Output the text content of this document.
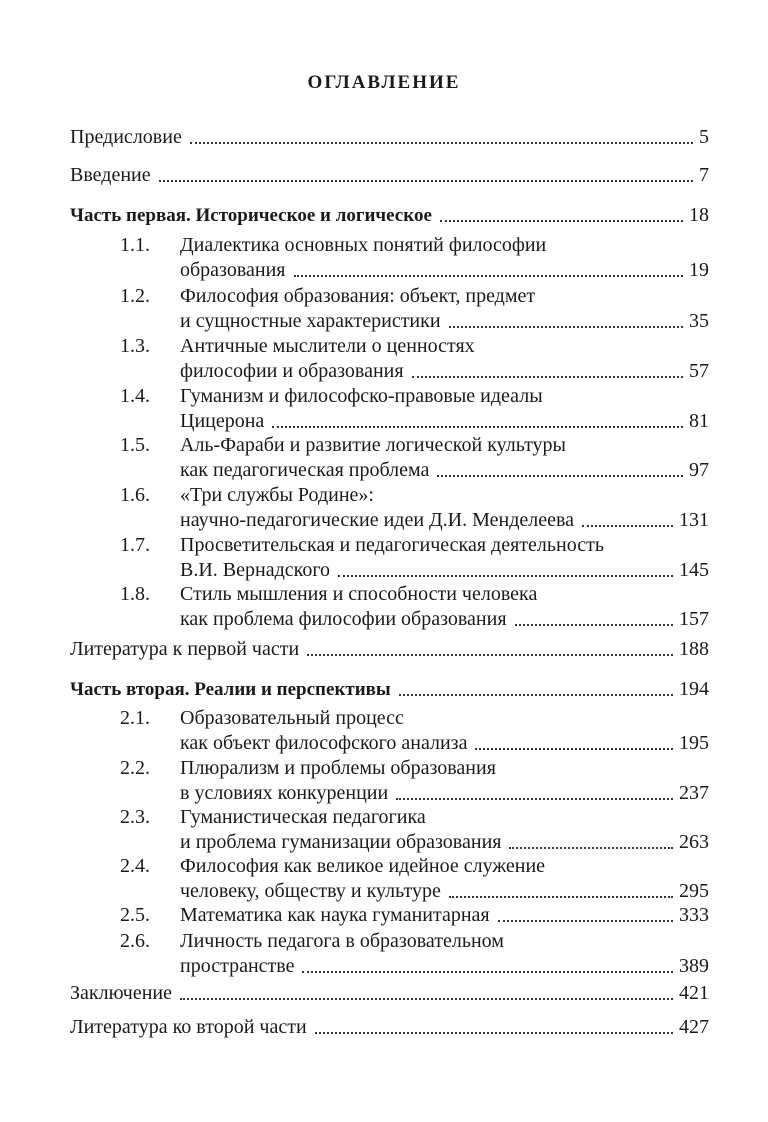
ОГЛАВЛЕНИЕ
Предисловие	5
Введение	7
Часть первая. Историческое и логическое	18
1.1. Диалектика основных понятий философии
образования	19
1.2. Философия образования: объект, предмет
и сущностные характеристики	35
1.3. Античные мыслители о ценностях
философии и образования	57
1.4. Гуманизм и философско-правовые идеалы
Цицерона	81
1.5. Аль-Фараби и развитие логической культуры
как педагогическая проблема	97
1.6. «Три службы Родине»:
научно-педагогические идеи Д.И. Менделеева	131
1.7. Просветительская и педагогическая деятельность
В.И. Вернадского	145
1.8. Стиль мышления и способности человека
как проблема философии образования	157
Литература к первой части	188
Часть вторая. Реалии и перспективы	194
2.1. Образовательный процесс
как объект философского анализа	195
2.2. Плюрализм и проблемы образования
в условиях конкуренции	237
2.3. Гуманистическая педагогика
и проблема гуманизации образования	263
2.4. Философия как великое идейное служение
человеку, обществу и культуре	295
2.5. Математика как наука гуманитарная	333
2.6. Личность педагога в образовательном
пространстве	389
Заключение	421
Литература ко второй части	427
